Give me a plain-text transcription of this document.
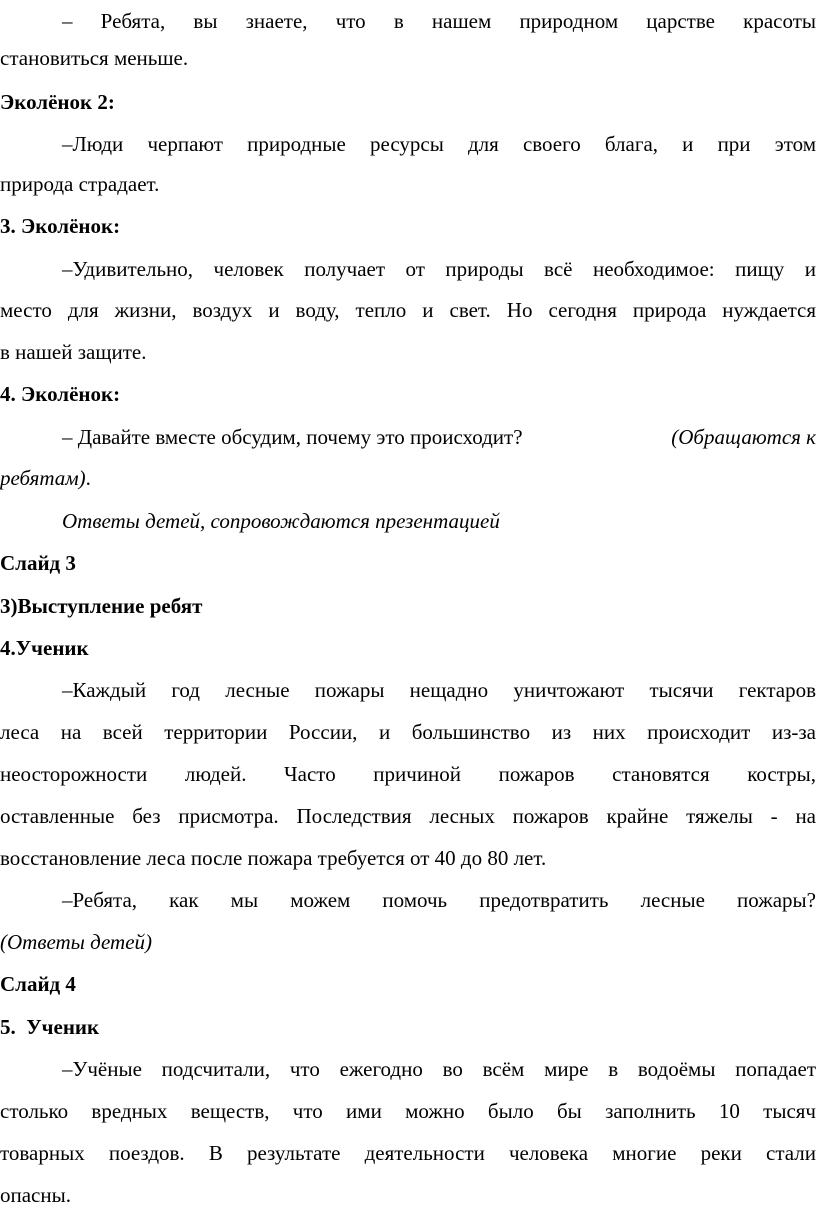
– Ребята, вы знаете, что в нашем природном царстве красоты
становиться меньше.
Эколёнок 2:
–Люди черпают природные ресурсы для своего блага, и при этом
природа страдает.
3. Эколёнок:
–Удивительно, человек получает от природы всё необходимое: пищу и
место для жизни, воздух и воду, тепло и свет. Но сегодня природа нуждается
в нашей защите.
4. Эколёнок:
– Давайте вместе обсудим, почему это происходит?	(Обращаются к
ребятам).
Ответы детей, сопровождаются презентацией
Слайд 3
3)Выступление ребят
4.Ученик
–Каждый год лесные пожары нещадно уничтожают тысячи гектаров
леса на всей территории России, и большинство из них происходит из-за
неосторожности людей. Часто причиной пожаров становятся костры,
оставленные без присмотра. Последствия лесных пожаров крайне тяжелы - на
восстановление леса после пожара требуется от 40 до 80 лет.
–Ребята, как мы можем помочь предотвратить лесные пожары?
(Ответы детей)
Слайд 4
5.  Ученик
–Учёные подсчитали, что ежегодно во всём мире в водоёмы попадает
столько вредных веществ, что ими можно было бы заполнить 10 тысяч
товарных поездов. В результате деятельности человека многие реки стали
опасны.
